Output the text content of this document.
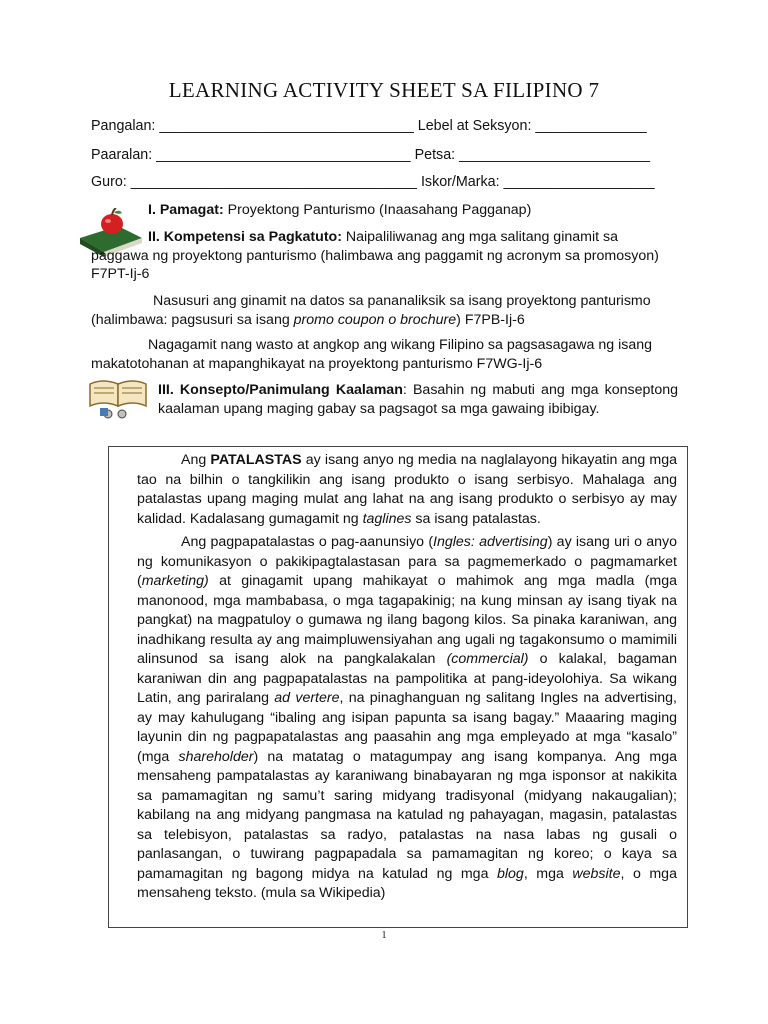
LEARNING ACTIVITY SHEET SA FILIPINO 7
Pangalan: ________________________________ Lebel at Seksyon: ______________
Paaralan: ________________________________ Petsa: ________________________
Guro: ____________________________________ Iskor/Marka: ___________________
I. Pamagat: Proyektong Panturismo (Inaasahang Pagganap)
II. Kompetensi sa Pagkatuto: Naipaliliwanag ang mga salitang ginamit sa paggawa ng proyektong panturismo (halimbawa ang paggamit ng acronym sa promosyon) F7PT-Ij-6
Nasusuri ang ginamit na datos sa pananaliksik sa isang proyektong panturismo (halimbawa: pagsusuri sa isang promo coupon o brochure) F7PB-Ij-6
Nagagamit nang wasto at angkop ang wikang Filipino sa pagsasagawa ng isang makatotohanan at mapanghikayat na proyektong panturismo F7WG-Ij-6
III. Konsepto/Panimulang Kaalaman: Basahin ng mabuti ang mga konseptong kaalaman upang maging gabay sa pagsagot sa mga gawaing ibibigay.
Ang PATALASTAS ay isang anyo ng media na naglalayong hikayatin ang mga tao na bilhin o tangkilikin ang isang produkto o isang serbisyo. Mahalaga ang patalastas upang maging mulat ang lahat na ang isang produkto o serbisyo ay may kalidad. Kadalasang gumagamit ng taglines sa isang patalastas.
Ang pagpapatalastas o pag-aanunsiyo (Ingles: advertising) ay isang uri o anyo ng komunikasyon o pakikipagtalastasan para sa pagmemerkado o pagmamarket (marketing) at ginagamit upang mahikayat o mahimok ang mga madla (mga manonood, mga mambabasa, o mga tagapakinig; na kung minsan ay isang tiyak na pangkat) na magpatuloy o gumawa ng ilang bagong kilos. Sa pinaka karaniwan, ang inadhikang resulta ay ang maimpluwensiyahan ang ugali ng tagakonsumo o mamimili alinsunod sa isang alok na pangkalakalan (commercial) o kalakal, bagaman karaniwan din ang pagpapatalastas na pampolitika at pang-ideyolohiya. Sa wikang Latin, ang pariralang ad vertere, na pinaghanguan ng salitang Ingles na advertising, ay may kahulugang “ibaling ang isipan papunta sa isang bagay.” Maaaring maging layunin din ng pagpapatalastas ang paasahin ang mga empleyado at mga “kasalo” (mga shareholder) na matatag o matagumpay ang isang kompanya. Ang mga mensaheng pampatalastas ay karaniwang binabayaran ng mga isponsor at nakikita sa pamamagitan ng samu’t saring midyang tradisyonal (midyang nakaugalian); kabilang na ang midyang pangmasa na katulad ng pahayagan, magasin, patalastas sa telebisyon, patalastas sa radyo, patalastas na nasa labas ng gusali o panlasangan, o tuwirang pagpapadala sa pamamagitan ng koreo; o kaya sa pamamagitan ng bagong midya na katulad ng mga blog, mga website, o mga mensaheng teksto. (mula sa Wikipedia)
1
